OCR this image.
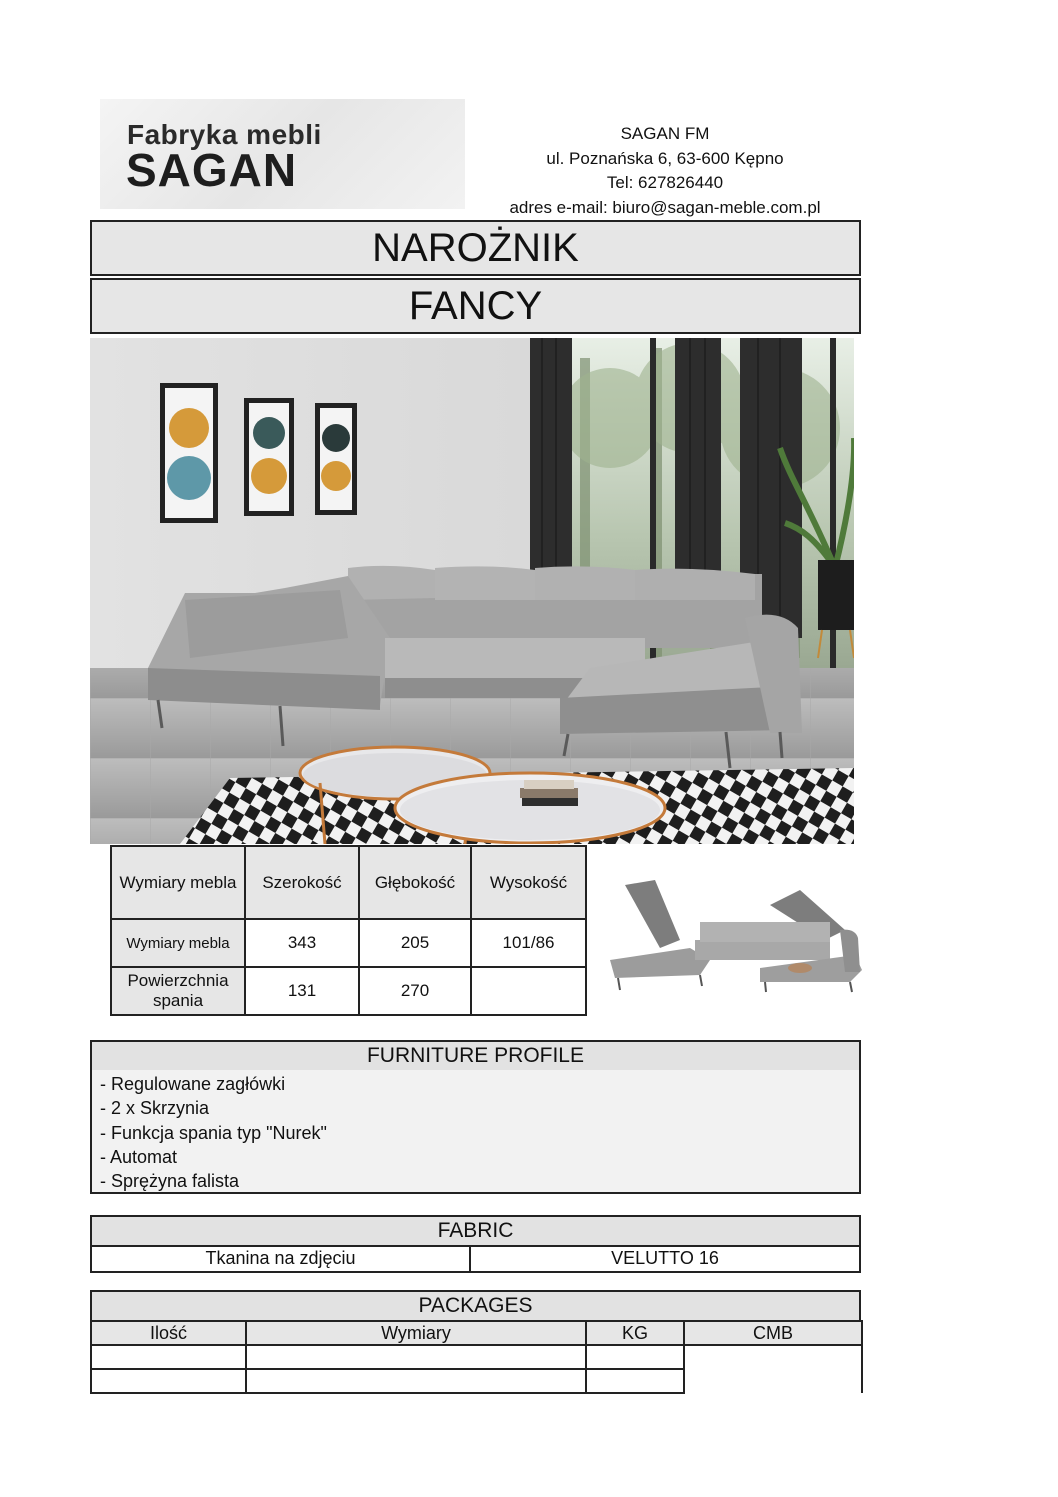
Fabryka mebli
SAGAN
SAGAN FM
ul. Poznańska 6, 63-600 Kępno
Tel: 627826440
adres e-mail: biuro@sagan-meble.com.pl
NAROŻNIK
FANCY
Wymiary mebla	Szerokość	Głębokość	Wysokość
Wymiary mebla	343	205	101/86
Powierzchnia spania	131	270	
FURNITURE PROFILE
- Regulowane zagłówki
- 2 x Skrzynia
- Funkcja spania typ "Nurek"
- Automat
- Sprężyna falista
FABRIC
Tkanina na zdjęciu	VELUTTO 16
PACKAGES
Ilość	Wymiary	KG	CMB
